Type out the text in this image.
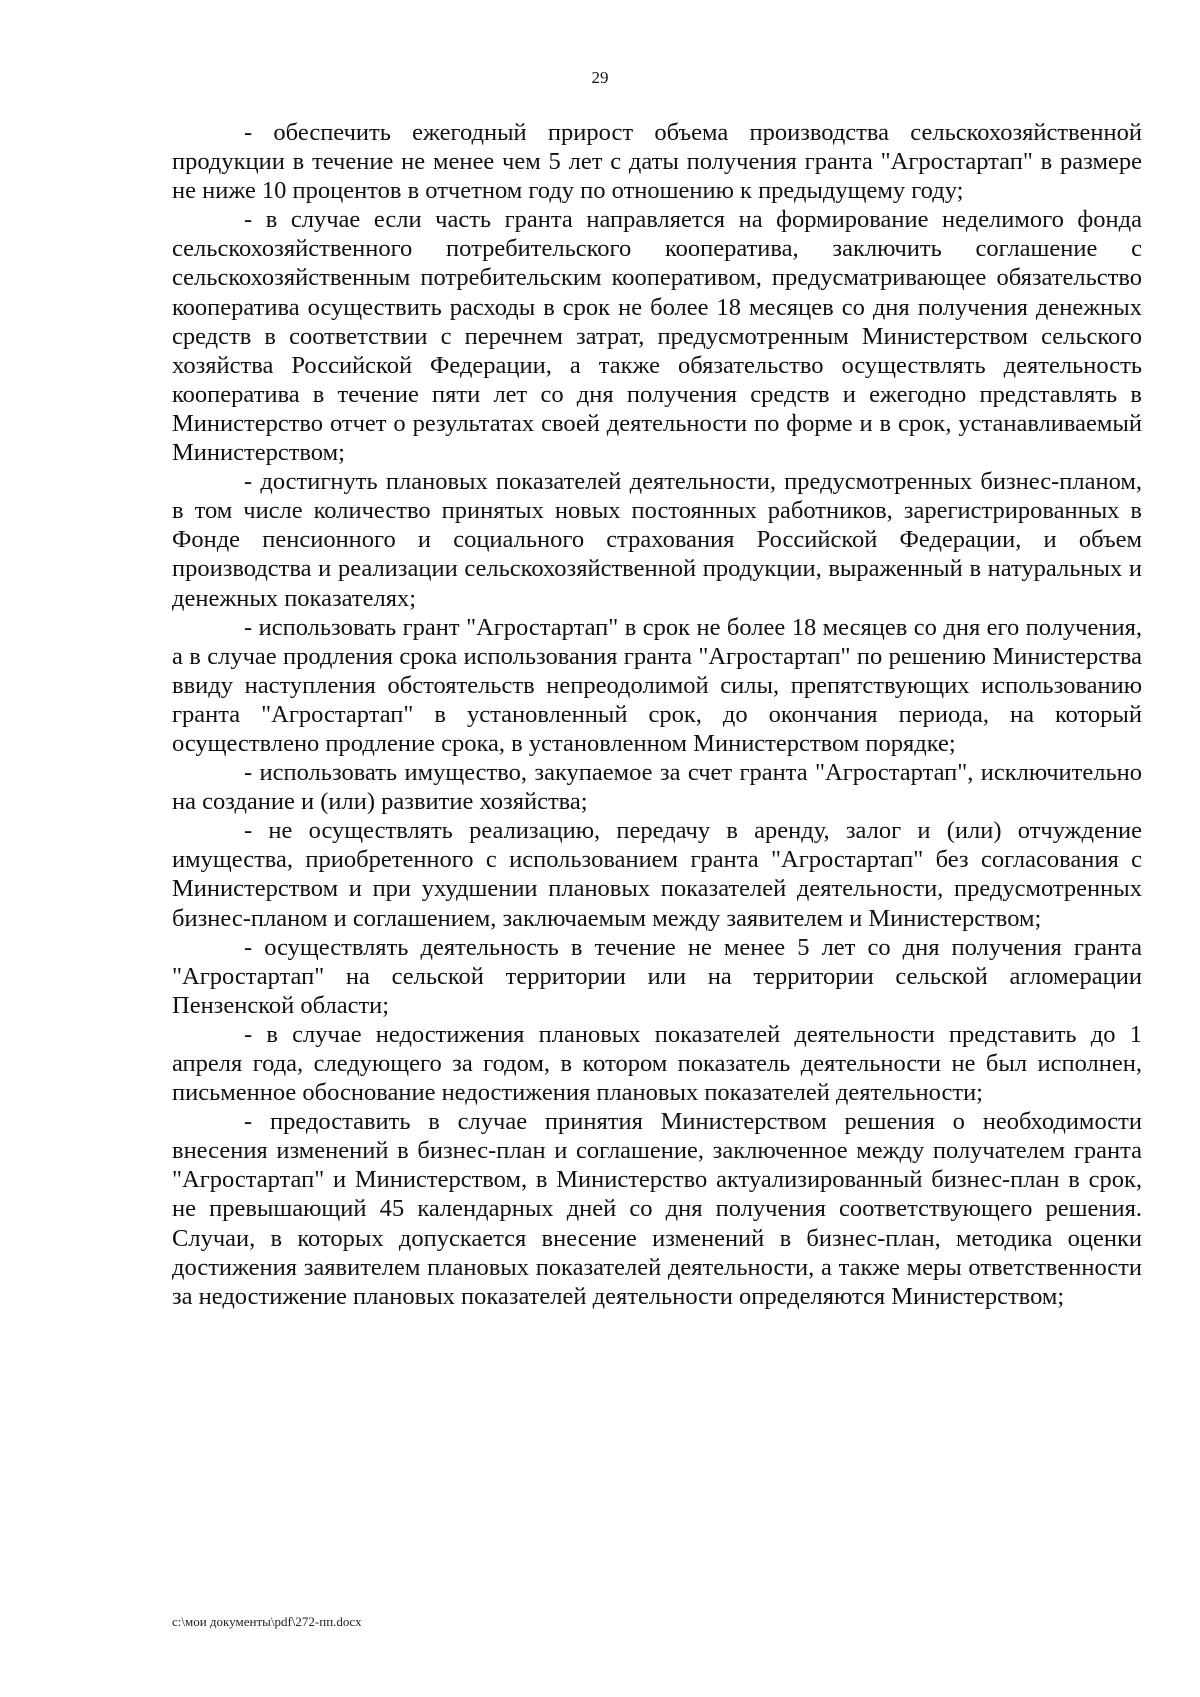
29

- обеспечить ежегодный прирост объема производства сельскохозяйственной продукции в течение не менее чем 5 лет с даты получения гранта "Агростартап" в размере не ниже 10 процентов в отчетном году по отношению к предыдущему году;

- в случае если часть гранта направляется на формирование неделимого фонда сельскохозяйственного потребительского кооператива, заключить соглашение с сельскохозяйственным потребительским кооперативом, предусматривающее обязательство кооператива осуществить расходы в срок не более 18 месяцев со дня получения денежных средств в соответствии с перечнем затрат, предусмотренным Министерством сельского хозяйства Российской Федерации, а также обязательство осуществлять деятельность кооператива в течение пяти лет со дня получения средств и ежегодно представлять в Министерство отчет о результатах своей деятельности по форме и в срок, устанавливаемый Министерством;

- достигнуть плановых показателей деятельности, предусмотренных бизнес-планом, в том числе количество принятых новых постоянных работников, зарегистрированных в Фонде пенсионного и социального страхования Российской Федерации, и объем производства и реализации сельскохозяйственной продукции, выраженный в натуральных и денежных показателях;

- использовать грант "Агростартап" в срок не более 18 месяцев со дня его получения, а в случае продления срока использования гранта "Агростартап" по решению Министерства ввиду наступления обстоятельств непреодолимой силы, препятствующих использованию гранта "Агростартап" в установленный срок, до окончания периода, на который осуществлено продление срока, в установленном Министерством порядке;

- использовать имущество, закупаемое за счет гранта "Агростартап", исключительно на создание и (или) развитие хозяйства;

- не осуществлять реализацию, передачу в аренду, залог и (или) отчуждение имущества, приобретенного с использованием гранта "Агростартап" без согласования с Министерством и при ухудшении плановых показателей деятельности, предусмотренных бизнес-планом и соглашением, заключаемым между заявителем и Министерством;

- осуществлять деятельность в течение не менее 5 лет со дня получения гранта "Агростартап" на сельской территории или на территории сельской агломерации Пензенской области;

- в случае недостижения плановых показателей деятельности представить до 1 апреля года, следующего за годом, в котором показатель деятельности не был исполнен, письменное обоснование недостижения плановых показателей деятельности;

- предоставить в случае принятия Министерством решения о необходимости внесения изменений в бизнес-план и соглашение, заключенное между получателем гранта "Агростартап" и Министерством, в Министерство актуализированный бизнес-план в срок, не превышающий 45 календарных дней со дня получения соответствующего решения. Случаи, в которых допускается внесение изменений в бизнес-план, методика оценки достижения заявителем плановых показателей деятельности, а также меры ответственности за недостижение плановых показателей деятельности определяются Министерством;

c:\мои документы\pdf\272-пп.docx
